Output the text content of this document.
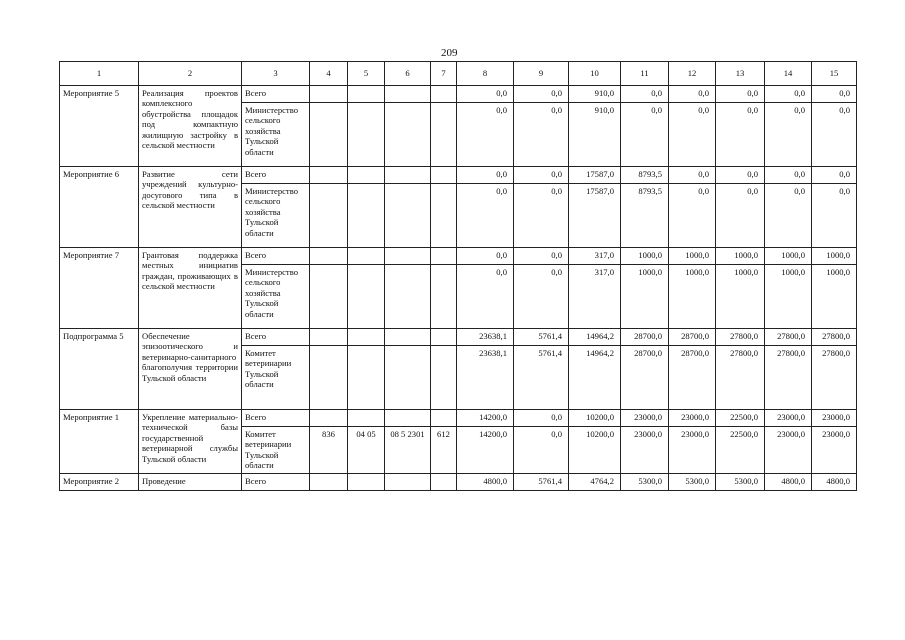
209
1	2	3	4	5	6	7	8	9	10	11	12	13	14	15
Мероприятие 5	Реализация проектов комплексного обустройства площадок под компактную жилищную застройку в сельской местности	Всего					0,0	0,0	910,0	0,0	0,0	0,0	0,0	0,0
		Министерство сельского хозяйства Тульской области					0,0	0,0	910,0	0,0	0,0	0,0	0,0	0,0
Мероприятие 6	Развитие сети учреждений культурно-досугового типа в сельской местности	Всего					0,0	0,0	17587,0	8793,5	0,0	0,0	0,0	0,0
		Министерство сельского хозяйства Тульской области					0,0	0,0	17587,0	8793,5	0,0	0,0	0,0	0,0
Мероприятие 7	Грантовая поддержка местных инициатив граждан, проживающих в сельской местности	Всего					0,0	0,0	317,0	1000,0	1000,0	1000,0	1000,0	1000,0
		Министерство сельского хозяйства Тульской области					0,0	0,0	317,0	1000,0	1000,0	1000,0	1000,0	1000,0
Подпрограмма 5	Обеспечение эпизоотического и ветеринарно-санитарного благополучия территории Тульской области	Всего					23638,1	5761,4	14964,2	28700,0	28700,0	27800,0	27800,0	27800,0
		Комитет ветеринарии Тульской области					23638,1	5761,4	14964,2	28700,0	28700,0	27800,0	27800,0	27800,0
Мероприятие 1	Укрепление материально-технической базы государственной ветеринарной службы Тульской области	Всего					14200,0	0,0	10200,0	23000,0	23000,0	22500,0	23000,0	23000,0
		Комитет ветеринарии Тульской области	836	04 05	08 5 2301	612	14200,0	0,0	10200,0	23000,0	23000,0	22500,0	23000,0	23000,0
Мероприятие 2	Проведение	Всего					4800,0	5761,4	4764,2	5300,0	5300,0	5300,0	4800,0	4800,0
